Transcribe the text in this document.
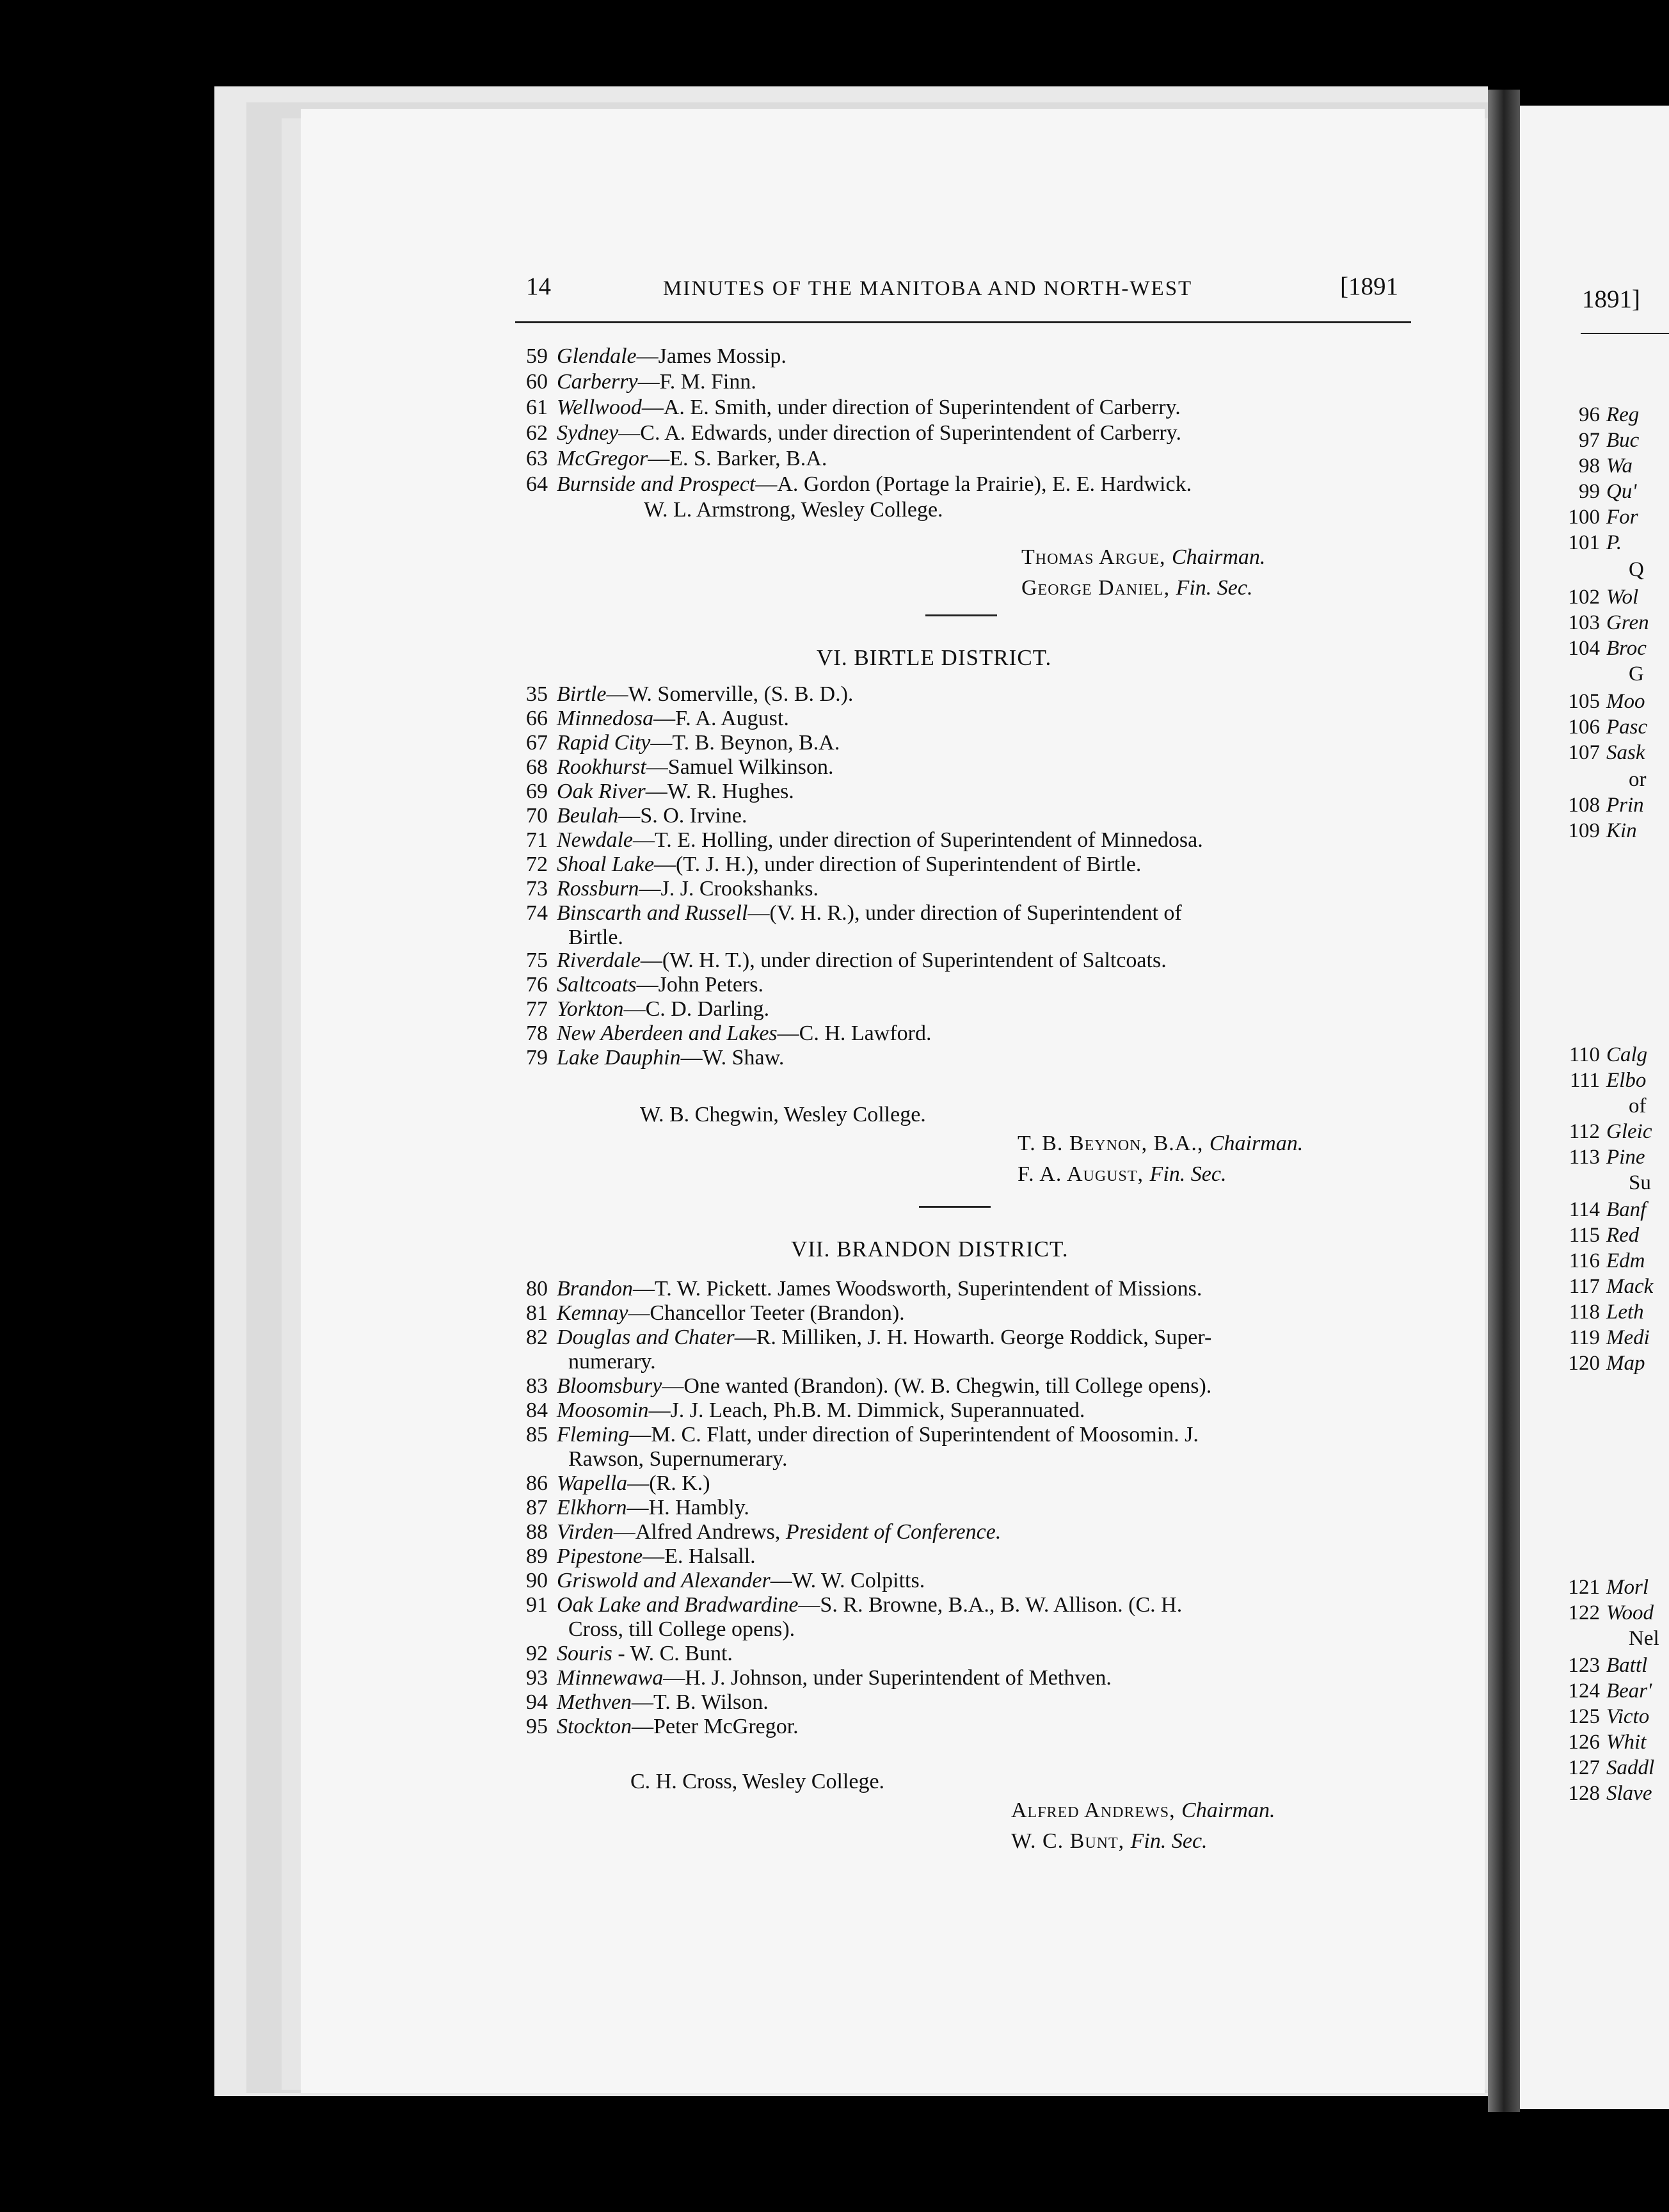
14	MINUTES OF THE MANITOBA AND NORTH-WEST	[1891
59 Glendale—James Mossip.
60 Carberry—F. M. Finn.
61 Wellwood—A. E. Smith, under direction of Superintendent of Carberry.
62 Sydney—C. A. Edwards, under direction of Superintendent of Carberry.
63 McGregor—E. S. Barker, B.A.
64 Burnside and Prospect—A. Gordon (Portage la Prairie), E. E. Hardwick.
W. L. Armstrong, Wesley College.
Thomas Argue, Chairman.
George Daniel, Fin. Sec.
VI. BIRTLE DISTRICT.
35 Birtle—W. Somerville, (S. B. D.).
66 Minnedosa—F. A. August.
67 Rapid City—T. B. Beynon, B.A.
68 Rookhurst—Samuel Wilkinson.
69 Oak River—W. R. Hughes.
70 Beulah—S. O. Irvine.
71 Newdale—T. E. Holling, under direction of Superintendent of Minnedosa.
72 Shoal Lake—(T. J. H.), under direction of Superintendent of Birtle.
73 Rossburn—J. J. Crookshanks.
74 Binscarth and Russell—(V. H. R.), under direction of Superintendent of
Birtle.
75 Riverdale—(W. H. T.), under direction of Superintendent of Saltcoats.
76 Saltcoats—John Peters.
77 Yorkton—C. D. Darling.
78 New Aberdeen and Lakes—C. H. Lawford.
79 Lake Dauphin—W. Shaw.
W. B. Chegwin, Wesley College.
T. B. Beynon, B.A., Chairman.
F. A. August, Fin. Sec.
VII. BRANDON DISTRICT.
80 Brandon—T. W. Pickett. James Woodsworth, Superintendent of Missions.
81 Kemnay—Chancellor Teeter (Brandon).
82 Douglas and Chater—R. Milliken, J. H. Howarth. George Roddick, Super-
numerary.
83 Bloomsbury—One wanted (Brandon). (W. B. Chegwin, till College opens).
84 Moosomin—J. J. Leach, Ph.B. M. Dimmick, Superannuated.
85 Fleming—M. C. Flatt, under direction of Superintendent of Moosomin. J.
Rawson, Supernumerary.
86 Wapella—(R. K.)
87 Elkhorn—H. Hambly.
88 Virden—Alfred Andrews, President of Conference.
89 Pipestone—E. Halsall.
90 Griswold and Alexander—W. W. Colpitts.
91 Oak Lake and Bradwardine—S. R. Browne, B.A., B. W. Allison. (C. H.
Cross, till College opens).
92 Souris - W. C. Bunt.
93 Minnewawa—H. J. Johnson, under Superintendent of Methven.
94 Methven—T. B. Wilson.
95 Stockton—Peter McGregor.
C. H. Cross, Wesley College.
Alfred Andrews, Chairman.
W. C. Bunt, Fin. Sec.
1891]
96 Reg
97 Buc
98 Wa
99 Qu'
100 For
101 P.
Q
102 Wol
103 Gren
104 Broc
G
105 Moo
106 Pasc
107 Sask
or
108 Prin
109 Kin
110 Calg
111 Elbo
of
112 Gleic
113 Pine
Su
114 Banf
115 Red
116 Edm
117 Mack
118 Leth
119 Medi
120 Map
121 Morl
122 Wood
Nel
123 Battl
124 Bear'
125 Victo
126 Whit
127 Saddl
128 Slave
